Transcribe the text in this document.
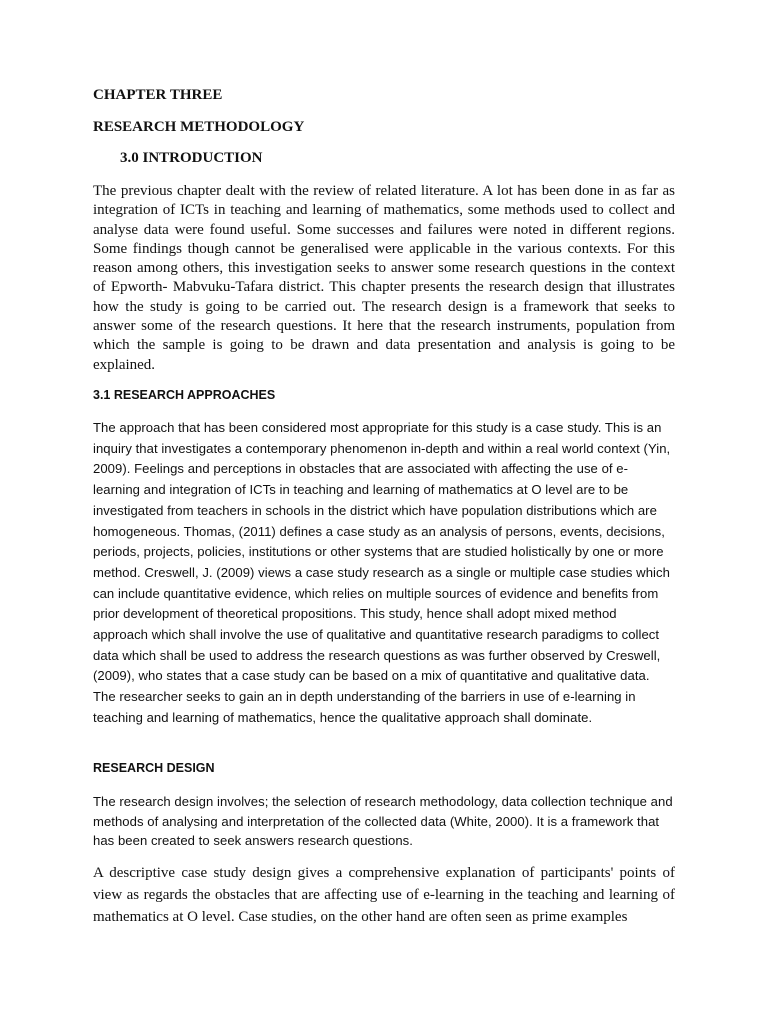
CHAPTER THREE
RESEARCH METHODOLOGY
3.0 INTRODUCTION

The previous chapter dealt with the review of related literature. A lot has been done in as far as integration of ICTs in teaching and learning of mathematics, some methods used to collect and analyse data were found useful. Some successes and failures were noted in different regions. Some findings though cannot be generalised were applicable in the various contexts. For this reason among others, this investigation seeks to answer some research questions in the context of Epworth- Mabvuku-Tafara district. This chapter presents the research design that illustrates how the study is going to be carried out. The research design is a framework that seeks to answer some of the research questions. It here that the research instruments, population from which the sample is going to be drawn and data presentation and analysis is going to be explained.

3.1 RESEARCH APPROACHES

The approach that has been considered most appropriate for this study is a case study. This is an inquiry that investigates a contemporary phenomenon in-depth and within a real world context (Yin, 2009). Feelings and perceptions in obstacles that are associated with affecting the use of e-learning and integration of ICTs in teaching and learning of mathematics at O level are to be investigated from teachers in schools in the district which have population distributions which are homogeneous. Thomas, (2011) defines a case study as an analysis of persons, events, decisions, periods, projects, policies, institutions or other systems that are studied holistically by one or more method. Creswell, J. (2009) views a case study research as a single or multiple case studies which can include quantitative evidence, which relies on multiple sources of evidence and benefits from prior development of theoretical propositions. This study, hence shall adopt mixed method approach which shall involve the use of qualitative and quantitative research paradigms to collect data which shall be used to address the research questions as was further observed by Creswell, (2009), who states that a case study can be based on a mix of quantitative and qualitative data. The researcher seeks to gain an in depth understanding of the barriers in use of e-learning in teaching and learning of mathematics, hence the qualitative approach shall dominate.

RESEARCH DESIGN

The research design involves; the selection of research methodology, data collection technique and methods of analysing and interpretation of the collected data (White, 2000). It is a framework that has been created to seek answers research questions.

A descriptive case study design gives a comprehensive explanation of participants' points of view as regards the obstacles that are affecting use of e-learning in the teaching and learning of mathematics at O level. Case studies, on the other hand are often seen as prime examples
